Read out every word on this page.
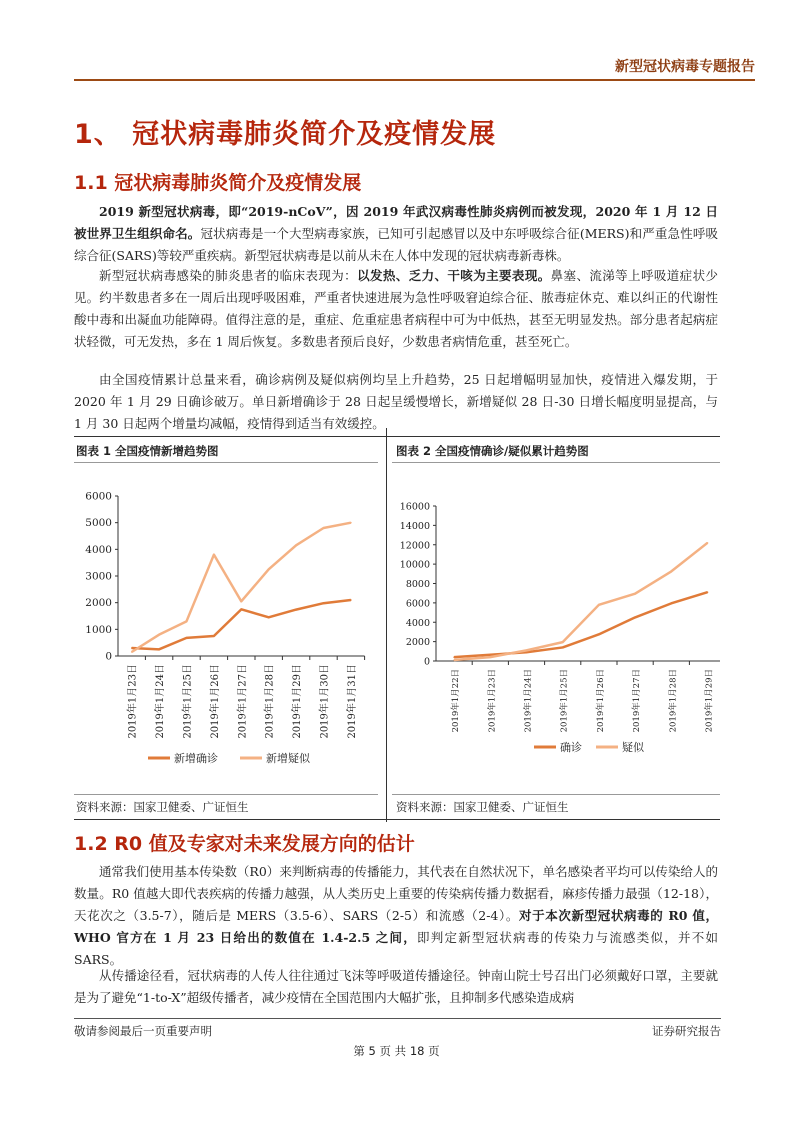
新型冠状病毒专题报告
1、 冠状病毒肺炎简介及疫情发展
1.1 冠状病毒肺炎简介及疫情发展
2019 新型冠状病毒，即“2019-nCoV”，因 2019 年武汉病毒性肺炎病例而被发现，2020 年 1 月 12 日被世界卫生组织命名。冠状病毒是一个大型病毒家族，已知可引起感冒以及中东呼吸综合征(MERS)和严重急性呼吸综合征(SARS)等较严重疾病。新型冠状病毒是以前从未在人体中发现的冠状病毒新毒株。
新型冠状病毒感染的肺炎患者的临床表现为：以发热、乏力、干咳为主要表现。鼻塞、流涕等上呼吸道症状少见。约半数患者多在一周后出现呼吸困难，严重者快速进展为急性呼吸窘迫综合征、脓毒症休克、难以纠正的代谢性酸中毒和出凝血功能障碍。值得注意的是，重症、危重症患者病程中可为中低热，甚至无明显发热。部分患者起病症状轻微，可无发热，多在 1 周后恢复。多数患者预后良好，少数患者病情危重，甚至死亡。
由全国疫情累计总量来看，确诊病例及疑似病例均呈上升趋势，25 日起增幅明显加快，疫情进入爆发期，于 2020 年 1 月 29 日确诊破万。单日新增确诊于 28 日起呈缓慢增长，新增疑似 28 日-30 日增长幅度明显提高，与 1 月 30 日起两个增量均减幅，疫情得到适当有效缓控。
图表 1 全国疫情新增趋势图	图表 2 全国疫情确诊/疑似累计趋势图
0
1000
2000
3000
4000
5000
6000
2019年1月23日 2019年1月24日 2019年1月25日 2019年1月26日 2019年1月27日 2019年1月28日 2019年1月29日 2019年1月30日 2019年1月31日
新增确诊	新增疑似
0
2000
4000
6000
8000
10000
12000
14000
16000
2019年1月22日	2019年1月23日	2019年1月24日	2019年1月25日	2019年1月26日	2019年1月27日	2019年1月28日	2019年1月29日
确诊	疑似
资料来源：国家卫健委、广证恒生	资料来源：国家卫健委、广证恒生
1.2 R0 值及专家对未来发展方向的估计
通常我们使用基本传染数（R0）来判断病毒的传播能力，其代表在自然状况下，单名感染者平均可以传染给人的数量。R0 值越大即代表疾病的传播力越强，从人类历史上重要的传染病传播力数据看，麻疹传播力最强（12-18），天花次之（3.5-7），随后是 MERS（3.5-6）、SARS（2-5）和流感（2-4）。对于本次新型冠状病毒的 R0 值，WHO 官方在 1 月 23 日给出的数值在 1.4-2.5 之间，即判定新型冠状病毒的传染力与流感类似，并不如 SARS。
从传播途径看，冠状病毒的人传人往往通过飞沫等呼吸道传播途径。钟南山院士号召出门必须戴好口罩，主要就是为了避免“1-to-X”超级传播者，减少疫情在全国范围内大幅扩张，且抑制多代感染造成病
敬请参阅最后一页重要声明	证券研究报告
第 5 页 共 18 页
